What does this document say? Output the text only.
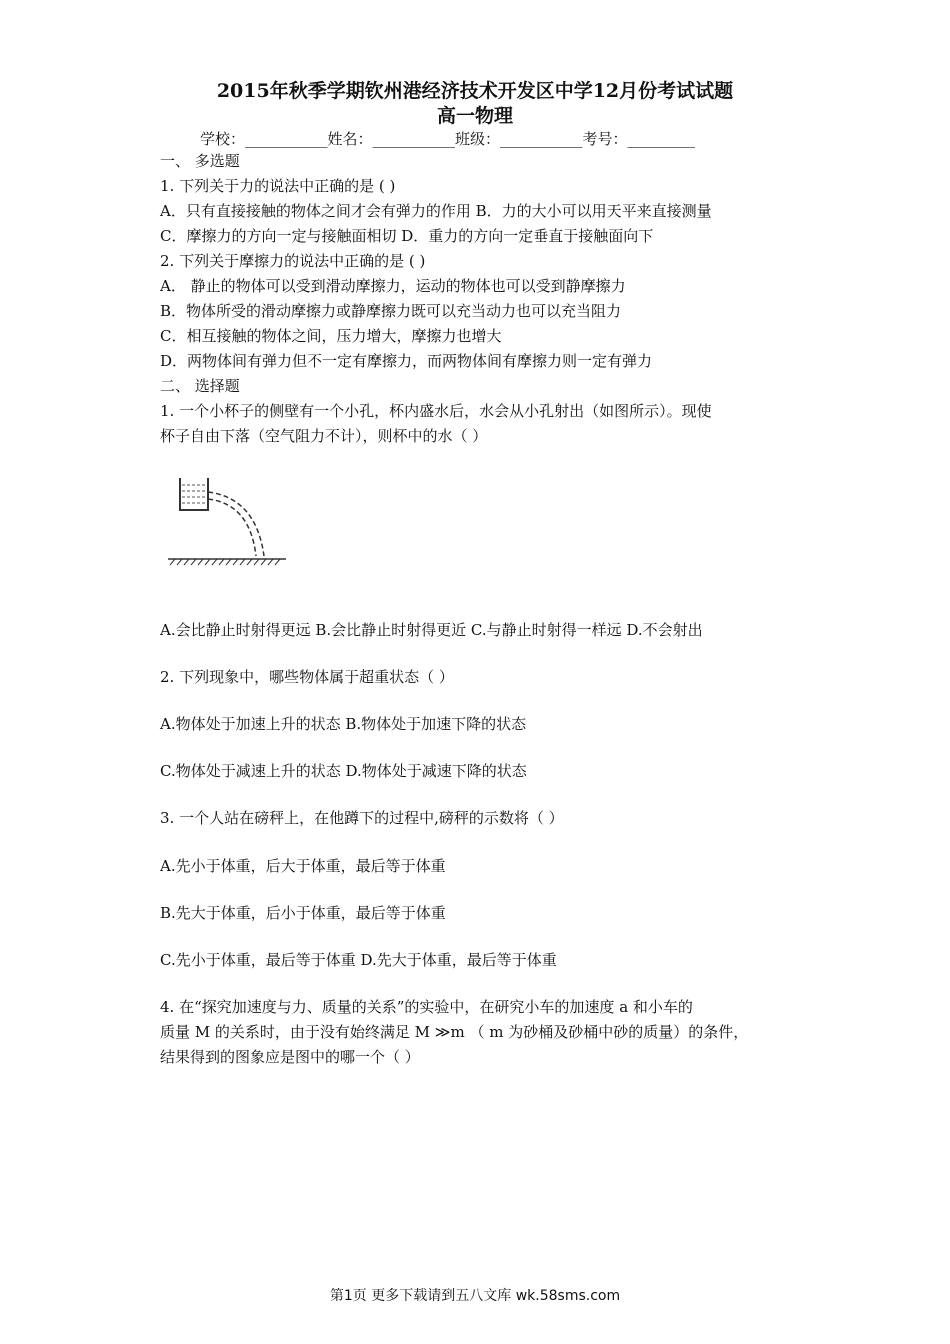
2015年秋季学期钦州港经济技术开发区中学12月份考试试题
高一物理
学校：___________姓名：___________班级：___________考号：_________
一、 多选题
1. 下列关于力的说法中正确的是 ( )
A．只有直接接触的物体之间才会有弹力的作用 B．力的大小可以用天平来直接测量
C．摩擦力的方向一定与接触面相切 D．重力的方向一定垂直于接触面向下
2. 下列关于摩擦力的说法中正确的是 ( )
A． 静止的物体可以受到滑动摩擦力，运动的物体也可以受到静摩擦力
B．物体所受的滑动摩擦力或静摩擦力既可以充当动力也可以充当阻力
C．相互接触的物体之间，压力增大，摩擦力也增大
D．两物体间有弹力但不一定有摩擦力，而两物体间有摩擦力则一定有弹力
二、 选择题
1. 一个小杯子的侧壁有一个小孔，杯内盛水后，水会从小孔射出（如图所示）。现使
杯子自由下落（空气阻力不计），则杯中的水（ ）
A.会比静止时射得更远 B.会比静止时射得更近 C.与静止时射得一样远 D.不会射出
2. 下列现象中，哪些物体属于超重状态（ ）
A.物体处于加速上升的状态 B.物体处于加速下降的状态
C.物体处于减速上升的状态 D.物体处于减速下降的状态
3. 一个人站在磅秤上，在他蹲下的过程中,磅秤的示数将（ ）
A.先小于体重，后大于体重，最后等于体重
B.先大于体重，后小于体重，最后等于体重
C.先小于体重，最后等于体重 D.先大于体重，最后等于体重
4. 在“探究加速度与力、质量的关系”的实验中，在研究小车的加速度 a 和小车的
质量 M 的关系时，由于没有始终满足 M ≫m （ m 为砂桶及砂桶中砂的质量）的条件，
结果得到的图象应是图中的哪一个（ ）
第1页 更多下载请到五八文库 wk.58sms.com
